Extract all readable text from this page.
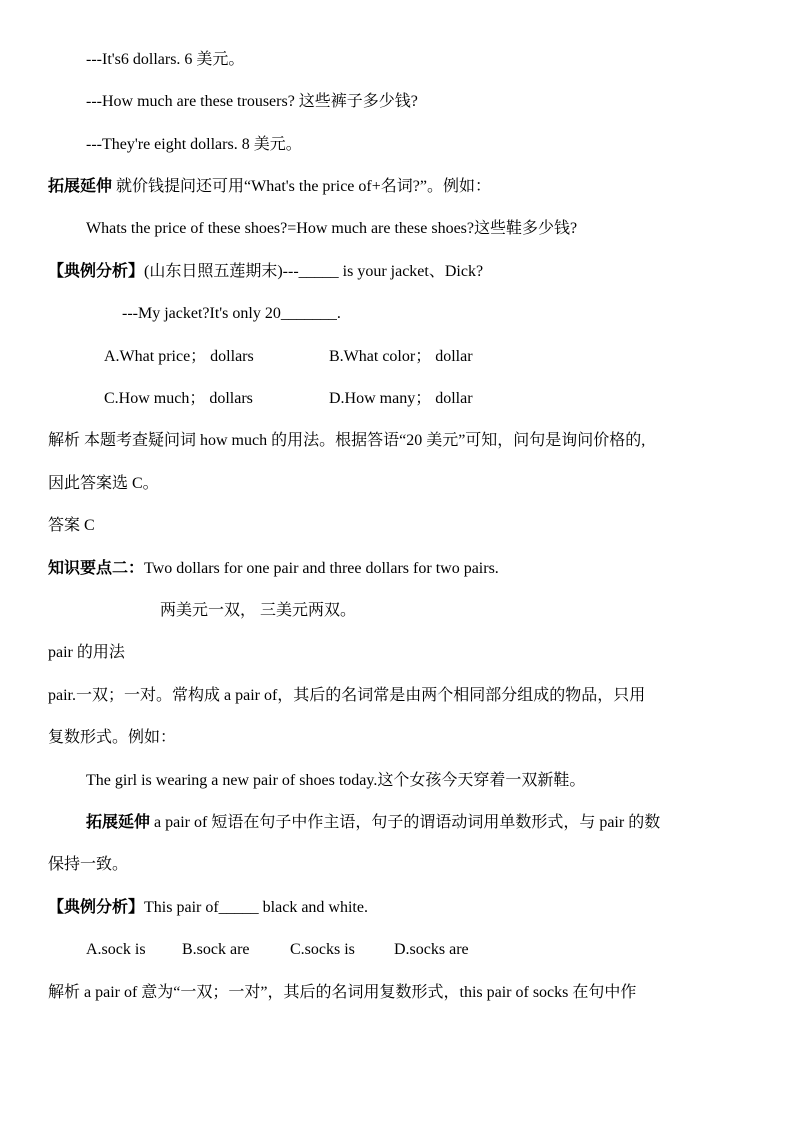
---It's6 dollars. 6 美元。
---How much are these trousers? 这些裤子多少钱?
---They're eight dollars. 8 美元。
拓展延伸 就价钱提问还可用“What's the price of+名词?”。例如：
Whats the price of these shoes?=How much are these shoes?这些鞋多少钱?
【典例分析】(山东日照五莲期末)---_____ is your jacket、Dick?
---My jacket?It's only 20_______.
A.What price； dollars	B.What color； dollar
C.How much； dollars	D.How many； dollar
解析 本题考查疑问词 how much 的用法。根据答语“20 美元”可知，问句是询问价格的,
因此答案选 C。
答案 C
知识要点二：Two dollars for one pair and three dollars for two pairs.
两美元一双， 三美元两双。
pair 的用法
pair.一双；一对。常构成 a pair of，其后的名词常是由两个相同部分组成的物品，只用
复数形式。例如：
The girl is wearing a new pair of shoes today.这个女孩今天穿着一双新鞋。
拓展延伸 a pair of 短语在句子中作主语，句子的谓语动词用单数形式，与 pair 的数
保持一致。
【典例分析】This pair of_____ black and white.
A.sock is B.sock are	C.socks is D.socks are
解析 a pair of 意为“一双；一对”，其后的名词用复数形式，this pair of socks 在句中作
